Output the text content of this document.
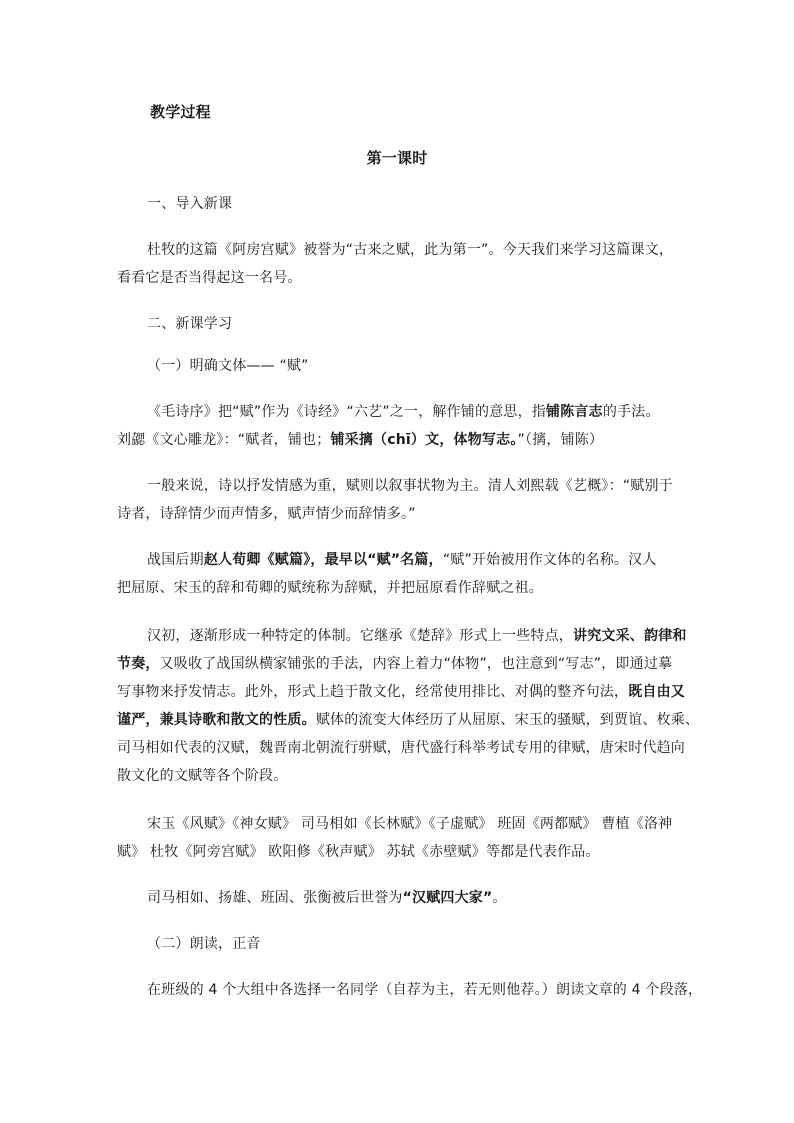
教学过程
第一课时
一、导入新课
杜牧的这篇《阿房宫赋》被誉为“古来之赋，此为第一”。今天我们来学习这篇课文，
看看它是否当得起这一名号。
二、新课学习
（一）明确文体—— “赋”
《毛诗序》把“赋”作为《诗经》“六艺”之一，解作铺的意思，指铺陈言志的手法。
刘勰《文心雕龙》：“赋者，铺也；铺采摛（chī）文，体物写志。”（摛，铺陈）
一般来说，诗以抒发情感为重，赋则以叙事状物为主。清人刘熙载《艺概》：“赋别于
诗者，诗辞情少而声情多，赋声情少而辞情多。”
战国后期赵人荀卿《赋篇》，最早以“赋”名篇，“赋”开始被用作文体的名称。汉人
把屈原、宋玉的辞和荀卿的赋统称为辞赋，并把屈原看作辞赋之祖。
汉初，逐渐形成一种特定的体制。它继承《楚辞》形式上一些特点，讲究文采、韵律和
节奏，又吸收了战国纵横家铺张的手法，内容上着力“体物”，也注意到“写志”，即通过摹
写事物来抒发情志。此外，形式上趋于散文化，经常使用排比、对偶的整齐句法，既自由又
谨严，兼具诗歌和散文的性质。赋体的流变大体经历了从屈原、宋玉的骚赋，到贾谊、枚乘、
司马相如代表的汉赋，魏晋南北朝流行骈赋，唐代盛行科举考试专用的律赋，唐宋时代趋向
散文化的文赋等各个阶段。
宋玉《风赋》《神女赋》 司马相如《长林赋》《子虚赋》 班固《两都赋》 曹植《洛神
赋》 杜牧《阿旁宫赋》 欧阳修《秋声赋》 苏轼《赤壁赋》等都是代表作品。
司马相如、扬雄、班固、张衡被后世誉为“汉赋四大家”。
（二）朗读，正音
在班级的 4 个大组中各选择一名同学（自荐为主，若无则他荐。）朗读文章的 4 个段落，
